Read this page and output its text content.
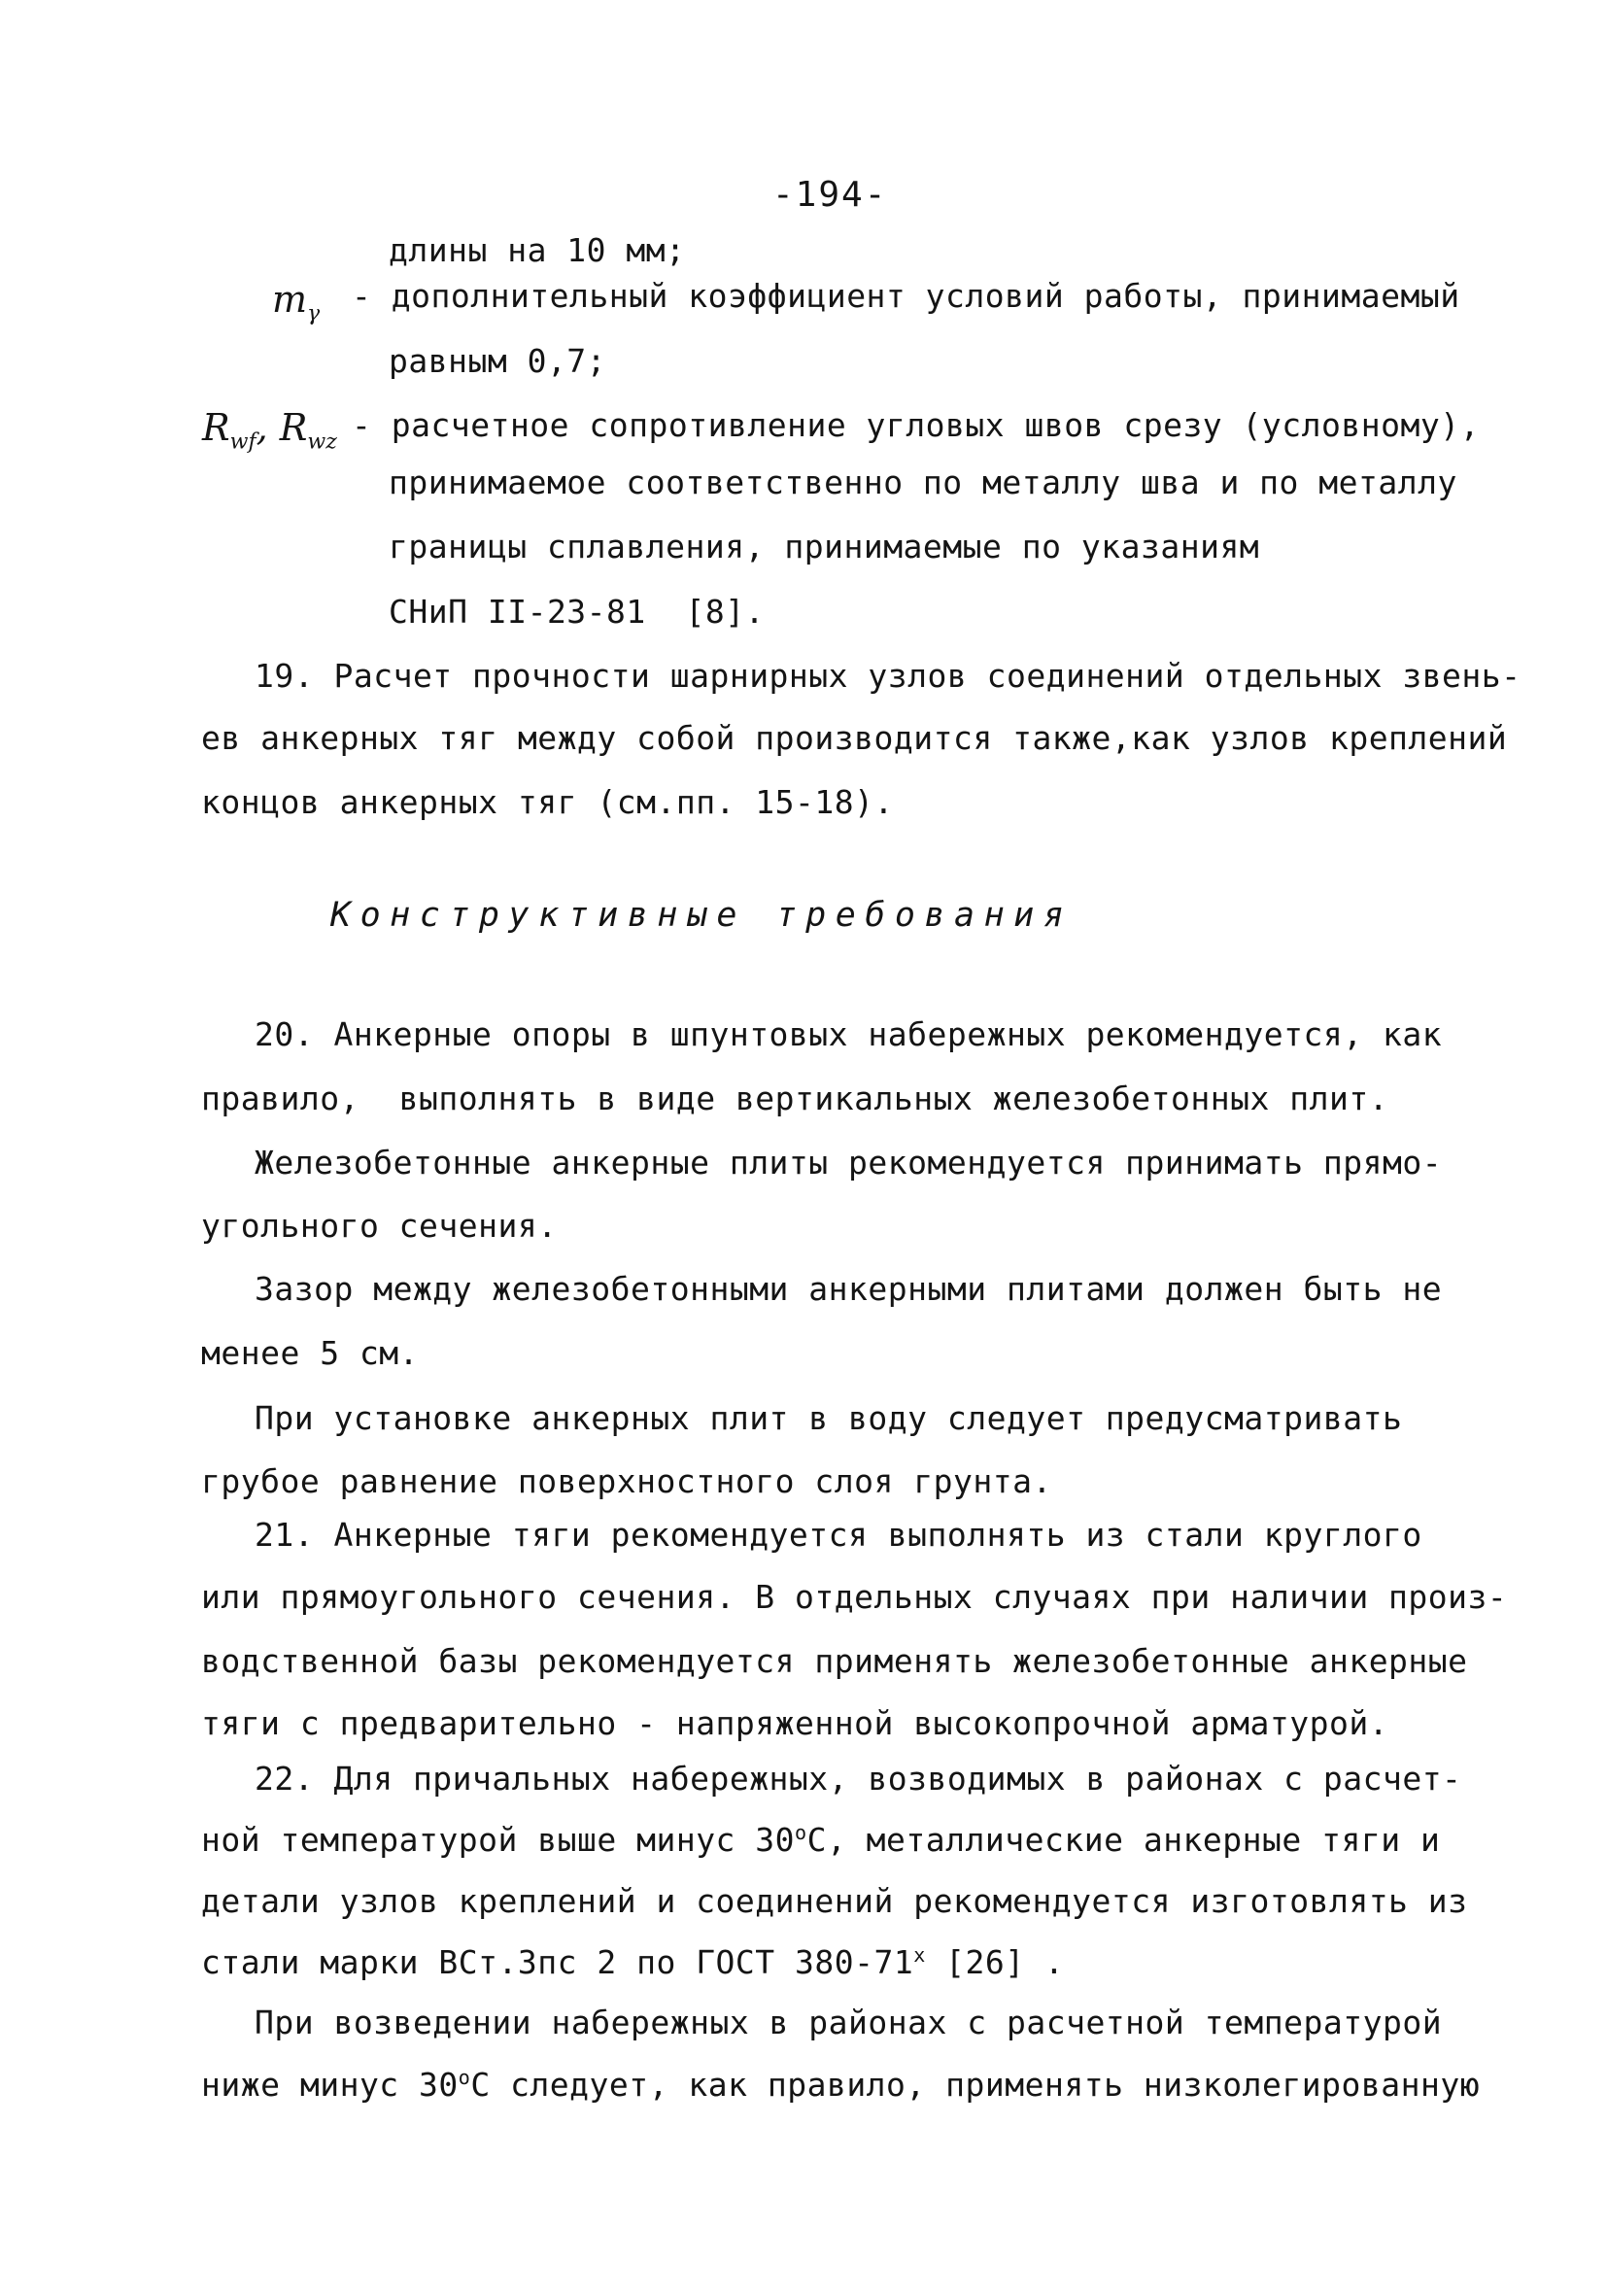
-194-
длины на 10 мм;
$m_\gamma$ - дополнительный коэффициент условий работы, принимаемый
равным 0,7;
$R_{wf}$, $R_{wz}$ - расчетное сопротивление угловых швов срезу (условному),
принимаемое соответственно по металлу шва и по металлу
границы сплавления, принимаемые по указаниям
СНиП II-23-81  [8].
19. Расчет прочности шарнирных узлов соединений отдельных звень-
ев анкерных тяг между собой производится также,как узлов креплений
концов анкерных тяг (см.пп. 15-18).
Конструктивные требования
20. Анкерные опоры в шпунтовых набережных рекомендуется, как
правило,  выполнять в виде вертикальных железобетонных плит.
Железобетонные анкерные плиты рекомендуется принимать прямо-
угольного сечения.
Зазор между железобетонными анкерными плитами должен быть не
менее 5 см.
При установке анкерных плит в воду следует предусматривать
грубое равнение поверхностного слоя грунта.
21. Анкерные тяги рекомендуется выполнять из стали круглого
или прямоугольного сечения. В отдельных случаях при наличии произ-
водственной базы рекомендуется применять железобетонные анкерные
тяги с предварительно - напряженной высокопрочной арматурой.
22. Для причальных набережных, возводимых в районах с расчет-
ной температурой выше минус $30^оС$, металлические анкерные тяги и
детали узлов креплений и соединений рекомендуется изготовлять из
стали марки ВСт.3пс 2 по ГОСТ $380-71^х$ [26] .
При возведении набережных в районах с расчетной температурой
ниже минус $30^оС$ следует, как правило, применять низколегированную
